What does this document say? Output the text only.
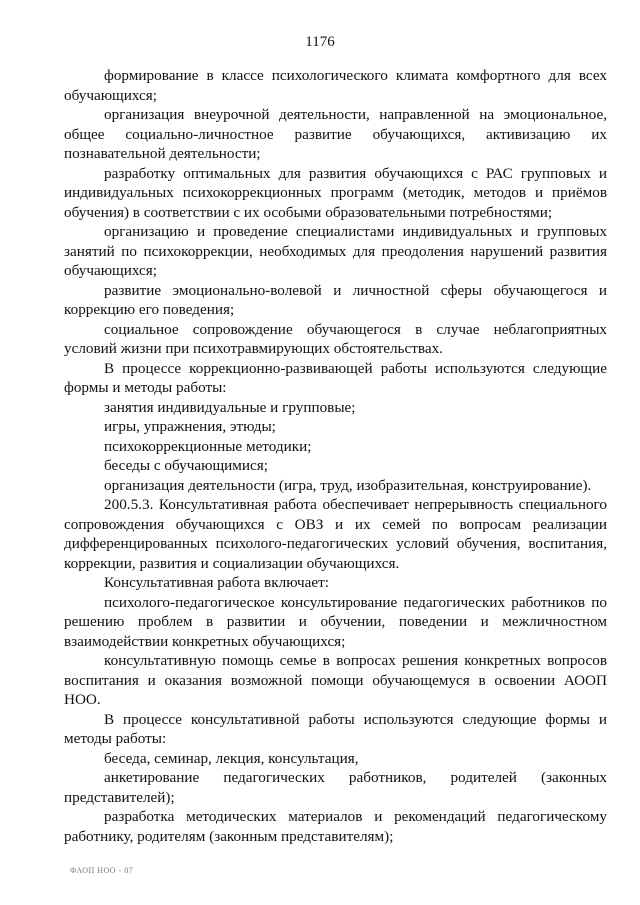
1176

формирование в классе психологического климата комфортного для всех обучающихся;

организация внеурочной деятельности, направленной на эмоциональное, общее социально-личностное развитие обучающихся, активизацию их познавательной деятельности;

разработку оптимальных для развития обучающихся с РАС групповых и индивидуальных психокоррекционных программ (методик, методов и приёмов обучения) в соответствии с их особыми образовательными потребностями;

организацию и проведение специалистами индивидуальных и групповых занятий по психокоррекции, необходимых для преодоления нарушений развития обучающихся;

развитие эмоционально-волевой и личностной сферы обучающегося и коррекцию его поведения;

социальное сопровождение обучающегося в случае неблагоприятных условий жизни при психотравмирующих обстоятельствах.

В процессе коррекционно-развивающей работы используются следующие формы и методы работы:

занятия индивидуальные и групповые;

игры, упражнения, этюды;

психокоррекционные методики;

беседы с обучающимися;

организация деятельности (игра, труд, изобразительная, конструирование).

200.5.3. Консультативная работа обеспечивает непрерывность специального сопровождения обучающихся с ОВЗ и их семей по вопросам реализации дифференцированных психолого-педагогических условий обучения, воспитания, коррекции, развития и социализации обучающихся.

Консультативная работа включает:

психолого-педагогическое консультирование педагогических работников по решению проблем в развитии и обучении, поведении и межличностном взаимодействии конкретных обучающихся;

консультативную помощь семье в вопросах решения конкретных вопросов воспитания и оказания возможной помощи обучающемуся в освоении АООП НОО.

В процессе консультативной работы используются следующие формы и методы работы:

беседа, семинар, лекция, консультация,

анкетирование педагогических работников, родителей (законных представителей);

разработка методических материалов и рекомендаций педагогическому работнику, родителям (законным представителям);

ФАОП НОО - 07
